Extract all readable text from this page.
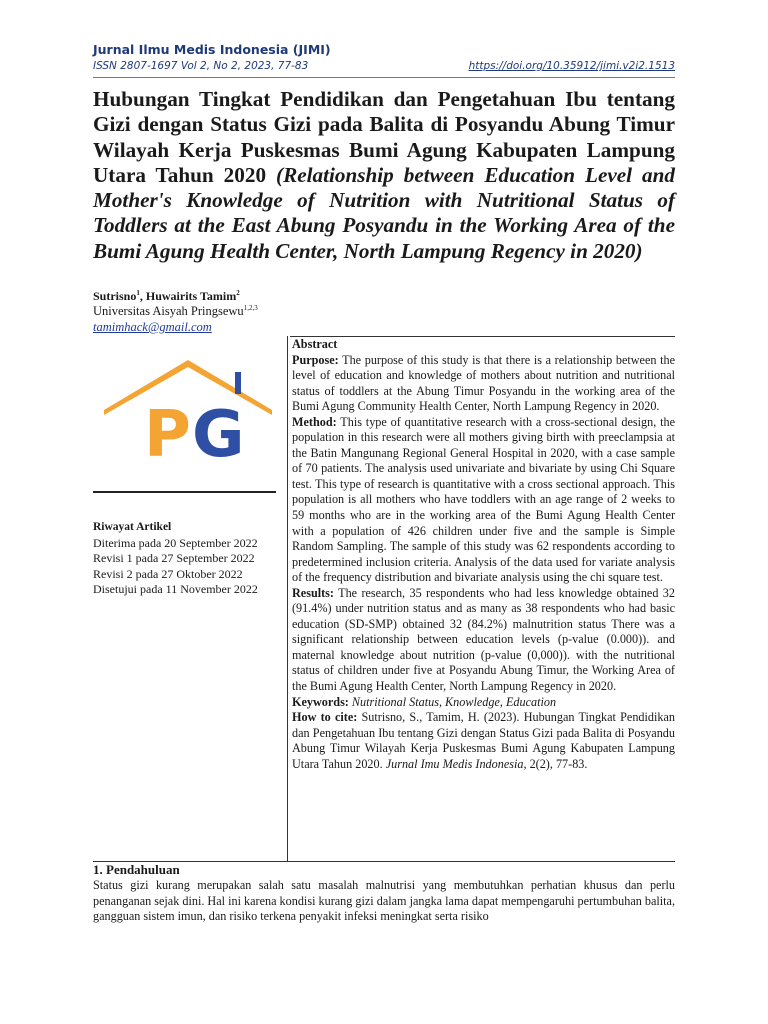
Jurnal Ilmu Medis Indonesia (JIMI)
ISSN 2807-1697 Vol 2, No 2, 2023, 77-83	https://doi.org/10.35912/jimi.v2i2.1513
Hubungan Tingkat Pendidikan dan Pengetahuan Ibu tentang Gizi dengan Status Gizi pada Balita di Posyandu Abung Timur Wilayah Kerja Puskesmas Bumi Agung Kabupaten Lampung Utara Tahun 2020 (Relationship between Education Level and Mother's Knowledge of Nutrition with Nutritional Status of Toddlers at the East Abung Posyandu in the Working Area of the Bumi Agung Health Center, North Lampung Regency in 2020)
Sutrisno$^1$, Huwairits Tamim$^2$
Universitas Aisyah Pringsewu$^{1,2,3}$
tamimhack@gmail.com
P G
Riwayat Artikel
Diterima pada 20 September 2022
Revisi 1 pada 27 September 2022
Revisi 2 pada 27 Oktober 2022
Disetujui pada 11 November 2022

Abstract

Purpose: The purpose of this study is that there is a relationship between the level of education and knowledge of mothers about nutrition and nutritional status of toddlers at the Abung Timur Posyandu in the working area of the Bumi Agung Community Health Center, North Lampung Regency in 2020.

Method: This type of quantitative research with a cross-sectional design, the population in this research were all mothers giving birth with preeclampsia at the Batin Mangunang Regional General Hospital in 2020, with a case sample of 70 patients. The analysis used univariate and bivariate by using Chi Square test. This type of research is quantitative with a cross sectional approach. This population is all mothers who have toddlers with an age range of 2 weeks to 59 months who are in the working area of the Bumi Agung Health Center with a population of 426 children under five and the sample is Simple Random Sampling. The sample of this study was 62 respondents according to predetermined inclusion criteria. Analysis of the data used for variate analysis of the frequency distribution and bivariate analysis using the chi square test.

Results: The research, 35 respondents who had less knowledge obtained 32 (91.4%) under nutrition status and as many as 38 respondents who had basic education (SD-SMP) obtained 32 (84.2%) malnutrition status There was a significant relationship between education levels (p-value (0.000)). and maternal knowledge about nutrition (p-value (0,000)). with the nutritional status of children under five at Posyandu Abung Timur, the Working Area of the Bumi Agung Health Center, North Lampung Regency in 2020.

Keywords: Nutritional Status, Knowledge, Education

How to cite: Sutrisno, S., Tamim, H. (2023). Hubungan Tingkat Pendidikan dan Pengetahuan Ibu tentang Gizi dengan Status Gizi pada Balita di Posyandu Abung Timur Wilayah Kerja Puskesmas Bumi Agung Kabupaten Lampung Utara Tahun 2020. Jurnal Imu Medis Indonesia, 2(2), 77-83.

1. Pendahuluan

Status gizi kurang merupakan salah satu masalah malnutrisi yang membutuhkan perhatian khusus dan perlu penanganan sejak dini. Hal ini karena kondisi kurang gizi dalam jangka lama dapat mempengaruhi pertumbuhan balita, gangguan sistem imun, dan risiko terkena penyakit infeksi meningkat serta risiko
